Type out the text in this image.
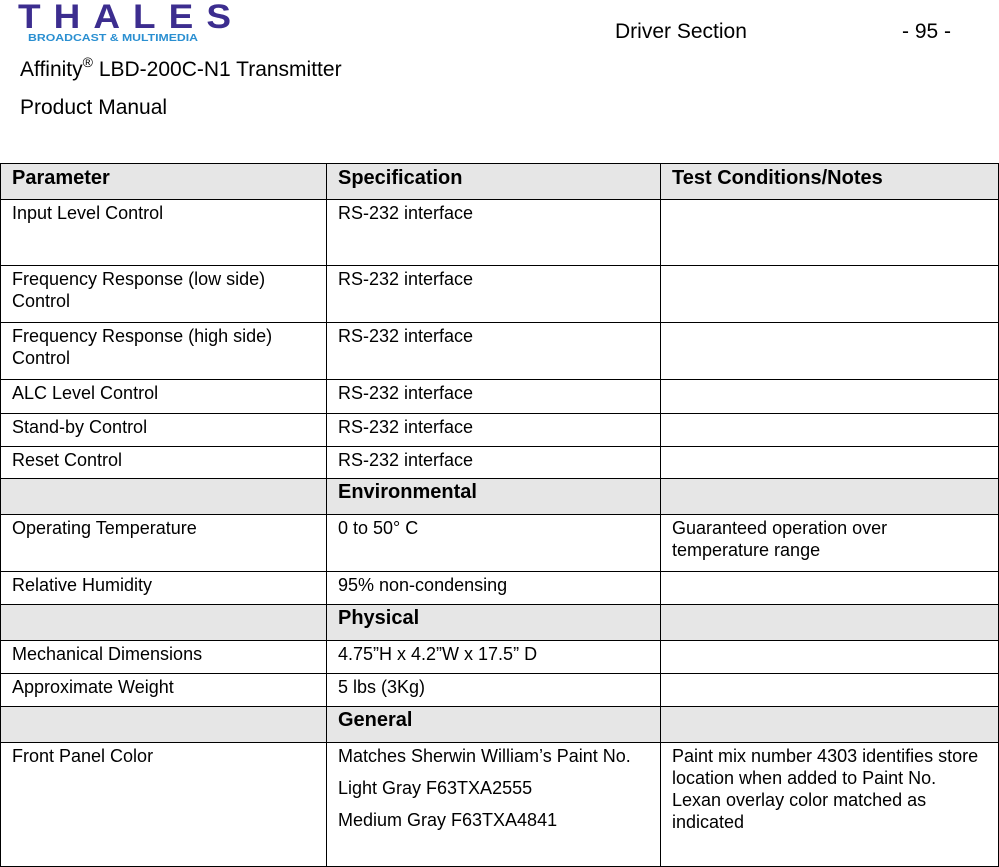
THALES
BROADCAST & MULTIMEDIA	Driver Section	- 95 -
Affinity® LBD-200C-N1 Transmitter
Product Manual
Parameter	Specification	Test Conditions/Notes
Input Level Control	RS-232 interface	
Frequency Response (low side) Control	RS-232 interface	
Frequency Response (high side) Control	RS-232 interface	
ALC Level Control	RS-232 interface	
Stand-by Control	RS-232 interface	
Reset Control	RS-232 interface	
	Environmental	
Operating Temperature	0 to 50° C	Guaranteed operation over temperature range
Relative Humidity	95% non-condensing	
	Physical	
Mechanical Dimensions	4.75”H x 4.2”W x 17.5” D	
Approximate Weight	5 lbs (3Kg)	
	General	
Front Panel Color	Matches Sherwin William’s Paint No.

Light Gray F63TXA2555

Medium Gray F63TXA4841	Paint mix number 4303 identifies store location when added to Paint No. Lexan overlay color matched as indicated
